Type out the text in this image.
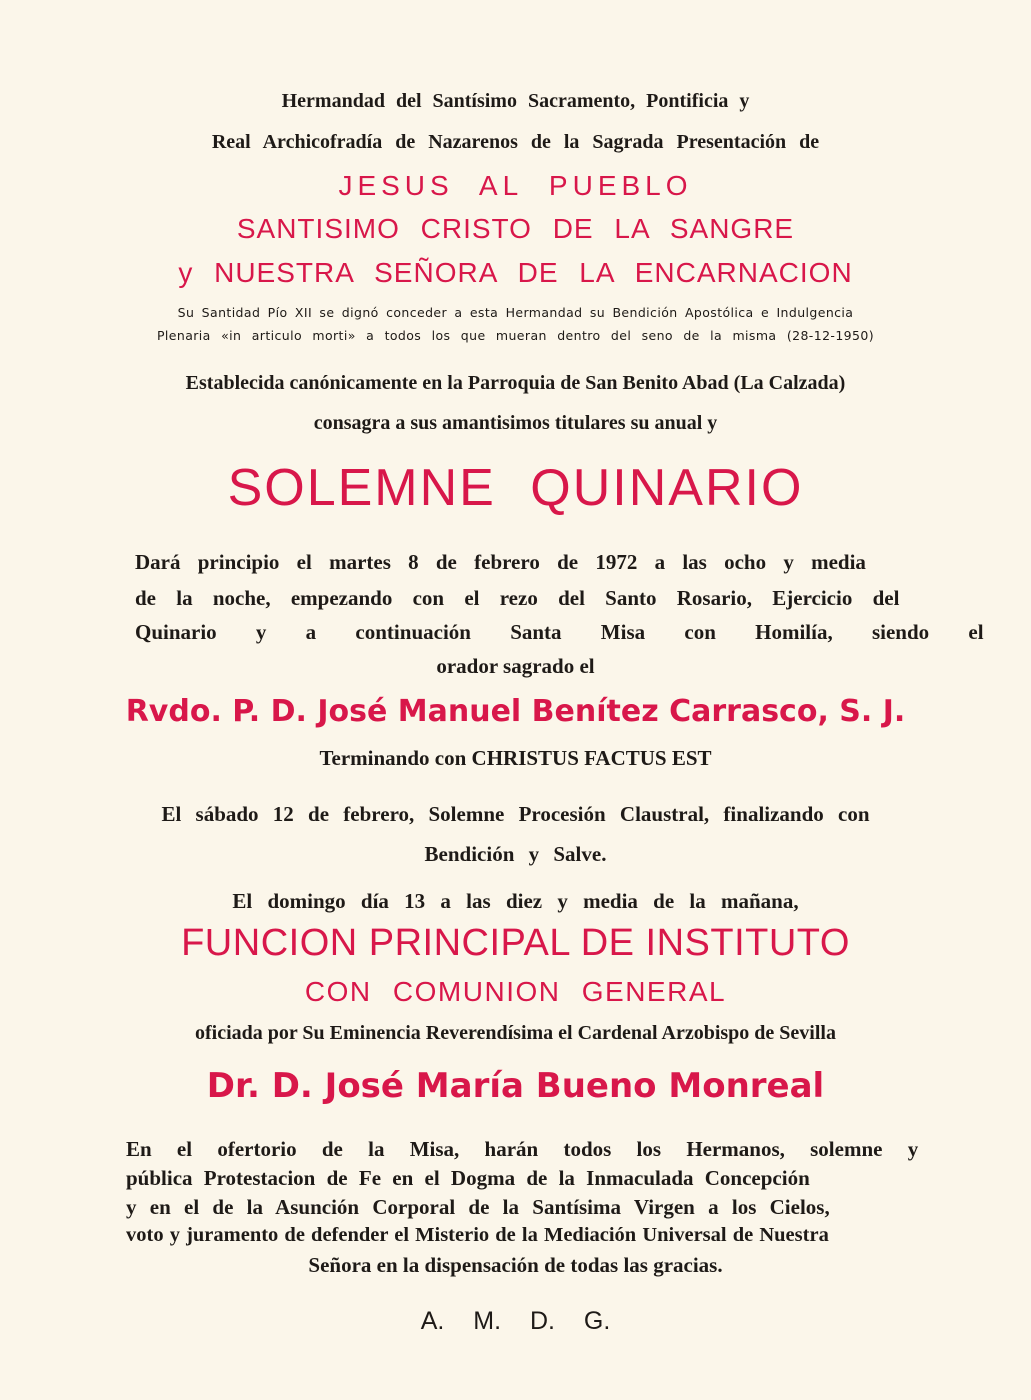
Hermandad del Santísimo Sacramento, Pontificia y
Real Archicofradía de Nazarenos de la Sagrada Presentación de
JESUS AL PUEBLO
SANTISIMO CRISTO DE LA SANGRE
y NUESTRA SEÑORA DE LA ENCARNACION
Su Santidad Pío XII se dignó conceder a esta Hermandad su Bendición Apostólica e Indulgencia
Plenaria «in articulo morti» a todos los que mueran dentro del seno de la misma (28-12-1950)
Establecida canónicamente en la Parroquia de San Benito Abad (La Calzada)
consagra a sus amantisimos titulares su anual y
SOLEMNE QUINARIO
Dará principio el martes 8 de febrero de 1972 a las ocho y media
de la noche, empezando con el rezo del Santo Rosario, Ejercicio del
Quinario y a continuación Santa Misa con Homilía, siendo el
orador sagrado el
Rvdo. P. D. José Manuel Benítez Carrasco, S. J.
Terminando con CHRISTUS FACTUS EST
El sábado 12 de febrero, Solemne Procesión Claustral, finalizando con
Bendición y Salve.
El domingo día 13 a las diez y media de la mañana,
FUNCION PRINCIPAL DE INSTITUTO
CON COMUNION GENERAL
oficiada por Su Eminencia Reverendísima el Cardenal Arzobispo de Sevilla
Dr. D. José María Bueno Monreal
En el ofertorio de la Misa, harán todos los Hermanos, solemne y
pública Protestacion de Fe en el Dogma de la Inmaculada Concepción
y en el de la Asunción Corporal de la Santísima Virgen a los Cielos,
voto y juramento de defender el Misterio de la Mediación Universal de Nuestra
Señora en la dispensación de todas las gracias.
A. M. D. G.
